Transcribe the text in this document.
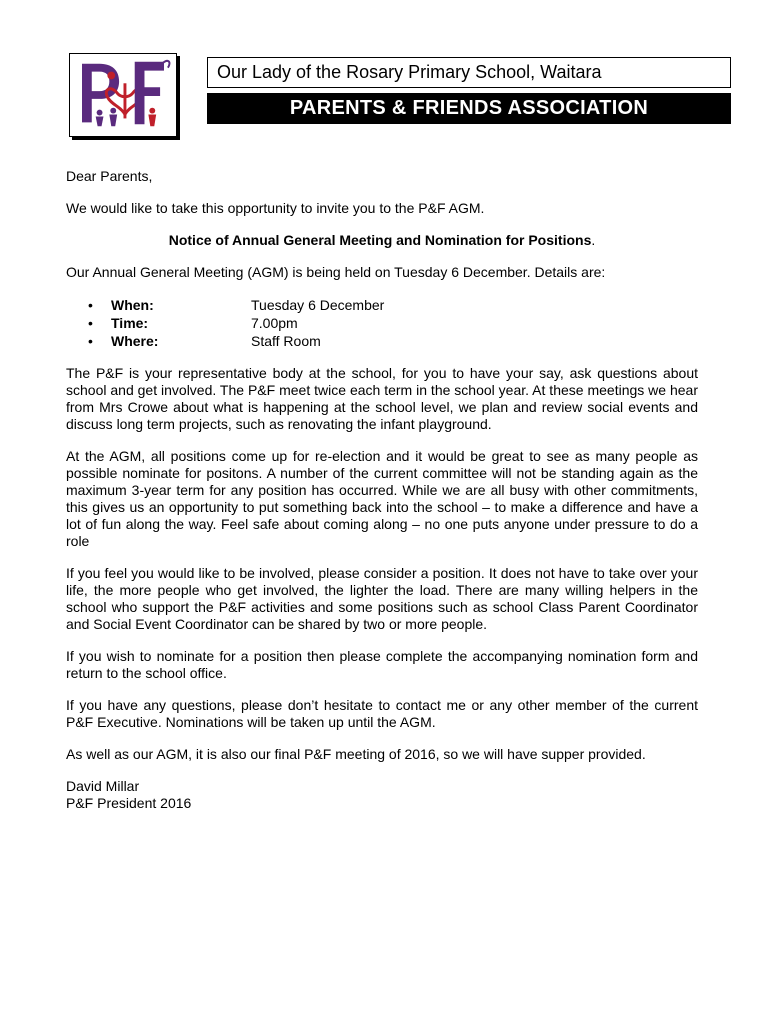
Our Lady of the Rosary Primary School, Waitara
PARENTS & FRIENDS ASSOCIATION

Dear Parents,

We would like to take this opportunity to invite you to the P&F AGM.

Notice of Annual General Meeting and Nomination for Positions.

Our Annual General Meeting (AGM) is being held on Tuesday 6 December. Details are:

• When:	Tuesday 6 December
• Time:	7.00pm
• Where:	Staff Room

The P&F is your representative body at the school, for you to have your say, ask questions about school and get involved. The P&F meet twice each term in the school year. At these meetings we hear from Mrs Crowe about what is happening at the school level, we plan and review social events and discuss long term projects, such as renovating the infant playground.

At the AGM, all positions come up for re-election and it would be great to see as many people as possible nominate for positons. A number of the current committee will not be standing again as the maximum 3-year term for any position has occurred. While we are all busy with other commitments, this gives us an opportunity to put something back into the school – to make a difference and have a lot of fun along the way. Feel safe about coming along – no one puts anyone under pressure to do a role

If you feel you would like to be involved, please consider a position. It does not have to take over your life, the more people who get involved, the lighter the load. There are many willing helpers in the school who support the P&F activities and some positions such as school Class Parent Coordinator and Social Event Coordinator can be shared by two or more people.

If you wish to nominate for a position then please complete the accompanying nomination form and return to the school office.

If you have any questions, please don’t hesitate to contact me or any other member of the current P&F Executive. Nominations will be taken up until the AGM.

As well as our AGM, it is also our final P&F meeting of 2016, so we will have supper provided.

David Millar

P&F President 2016
